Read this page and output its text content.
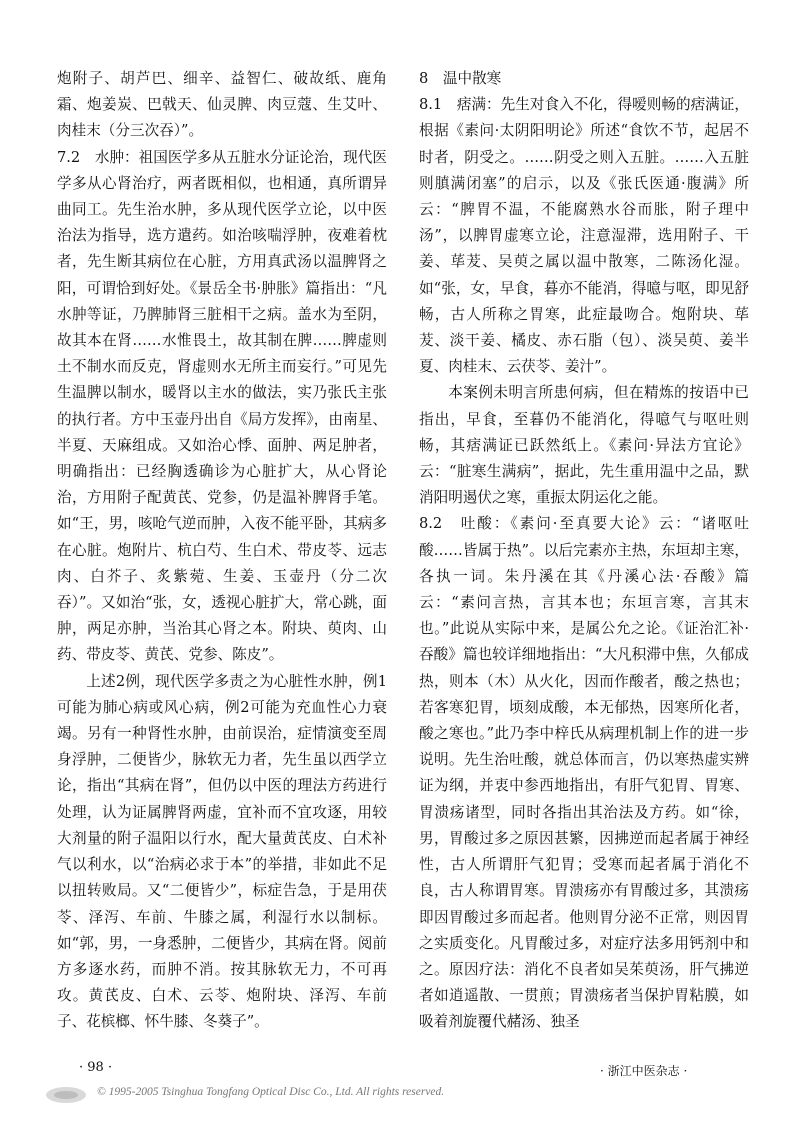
炮附子、胡芦巴、细辛、益智仁、破故纸、鹿角霜、炮姜炭、巴戟天、仙灵脾、肉豆蔻、生艾叶、肉桂末（分三次吞）”。

7.2　水肿：祖国医学多从五脏水分证论治，现代医学多从心肾治疗，两者既相似，也相通，真所谓异曲同工。先生治水肿，多从现代医学立论，以中医治法为指导，选方遣药。如治咳喘浮肿，夜难着枕者，先生断其病位在心脏，方用真武汤以温脾肾之阳，可谓恰到好处。《景岳全书·肿胀》篇指出：“凡水肿等证，乃脾肺肾三脏相干之病。盖水为至阴，故其本在肾……水惟畏土，故其制在脾……脾虚则土不制水而反克，肾虚则水无所主而妄行。”可见先生温脾以制水，暖肾以主水的做法，实乃张氏主张的执行者。方中玉壶丹出自《局方发挥》，由南星、半夏、天麻组成。又如治心悸、面肿、两足肿者，明确指出：已经胸透确诊为心脏扩大，从心肾论治，方用附子配黄芪、党参，仍是温补脾肾手笔。如“王，男，咳呛气逆而肿，入夜不能平卧，其病多在心脏。炮附片、杭白芍、生白术、带皮苓、远志肉、白芥子、炙紫菀、生姜、玉壶丹（分二次吞）”。又如治“张，女，透视心脏扩大，常心跳，面肿，两足亦肿，当治其心肾之本。附块、萸肉、山药、带皮苓、黄芪、党参、陈皮”。

上述2例，现代医学多责之为心脏性水肿，例1可能为肺心病或风心病，例2可能为充血性心力衰竭。另有一种肾性水肿，由前误治，症情演变至周身浮肿，二便皆少，脉软无力者，先生虽以西学立论，指出“其病在肾”，但仍以中医的理法方药进行处理，认为证属脾肾两虚，宜补而不宜攻逐，用较大剂量的附子温阳以行水，配大量黄芪皮、白术补气以利水，以“治病必求于本”的举措，非如此不足以扭转败局。又“二便皆少”，标症告急，于是用茯苓、泽泻、车前、牛膝之属，利湿行水以制标。如“郭，男，一身悉肿，二便皆少，其病在肾。阅前方多逐水药，而肿不消。按其脉软无力，不可再攻。黄芪皮、白术、云苓、炮附块、泽泻、车前子、花槟榔、怀牛膝、冬葵子”。

8　温中散寒

8.1　痞满：先生对食入不化，得嗳则畅的痞满证，根据《素问·太阴阳明论》所述“食饮不节，起居不时者，阴受之。……阴受之则入五脏。……入五脏则䐜满闭塞”的启示，以及《张氏医通·腹满》所云：“脾胃不温，不能腐熟水谷而胀，附子理中汤”，以脾胃虚寒立论，注意湿滞，选用附子、干姜、荜茇、吴萸之属以温中散寒，二陈汤化湿。如“张，女，早食，暮亦不能消，得噫与呕，即见舒畅，古人所称之胃寒，此症最吻合。炮附块、荜茇、淡干姜、橘皮、赤石脂（包）、淡吴萸、姜半夏、肉桂末、云茯苓、姜汁”。

本案例未明言所患何病，但在精炼的按语中已指出，早食，至暮仍不能消化，得噫气与呕吐则畅，其痞满证已跃然纸上。《素问·异法方宜论》云：“脏寒生满病”，据此，先生重用温中之品，默消阳明遏伏之寒，重振太阴运化之能。

8.2　吐酸：《素问·至真要大论》云：“诸呕吐酸……皆属于热”。以后完素亦主热，东垣却主寒，各执一词。朱丹溪在其《丹溪心法·吞酸》篇云：“素问言热，言其本也；东垣言寒，言其末也。”此说从实际中来，是属公允之论。《证治汇补·吞酸》篇也较详细地指出：“大凡积滞中焦，久郁成热，则本（木）从火化，因而作酸者，酸之热也；若客寒犯胃，顷刻成酸，本无郁热，因寒所化者，酸之寒也。”此乃李中梓氏从病理机制上作的进一步说明。先生治吐酸，就总体而言，仍以寒热虚实辨证为纲，并衷中参西地指出，有肝气犯胃、胃寒、胃溃疡诸型，同时各指出其治法及方药。如“徐，男，胃酸过多之原因甚繁，因拂逆而起者属于神经性，古人所谓肝气犯胃；受寒而起者属于消化不良，古人称谓胃寒。胃溃疡亦有胃酸过多，其溃疡即因胃酸过多而起者。他则胃分泌不正常，则因胃之实质变化。凡胃酸过多，对症疗法多用钙剂中和之。原因疗法：消化不良者如吴茱萸汤，肝气拂逆者如逍遥散、一贯煎；胃溃疡者当保护胃粘膜，如吸着剂旋覆代赭汤、独圣

· 98 ·	· 浙江中医杂志 ·
© 1995-2005 Tsinghua Tongfang Optical Disc Co., Ltd. All rights reserved.
